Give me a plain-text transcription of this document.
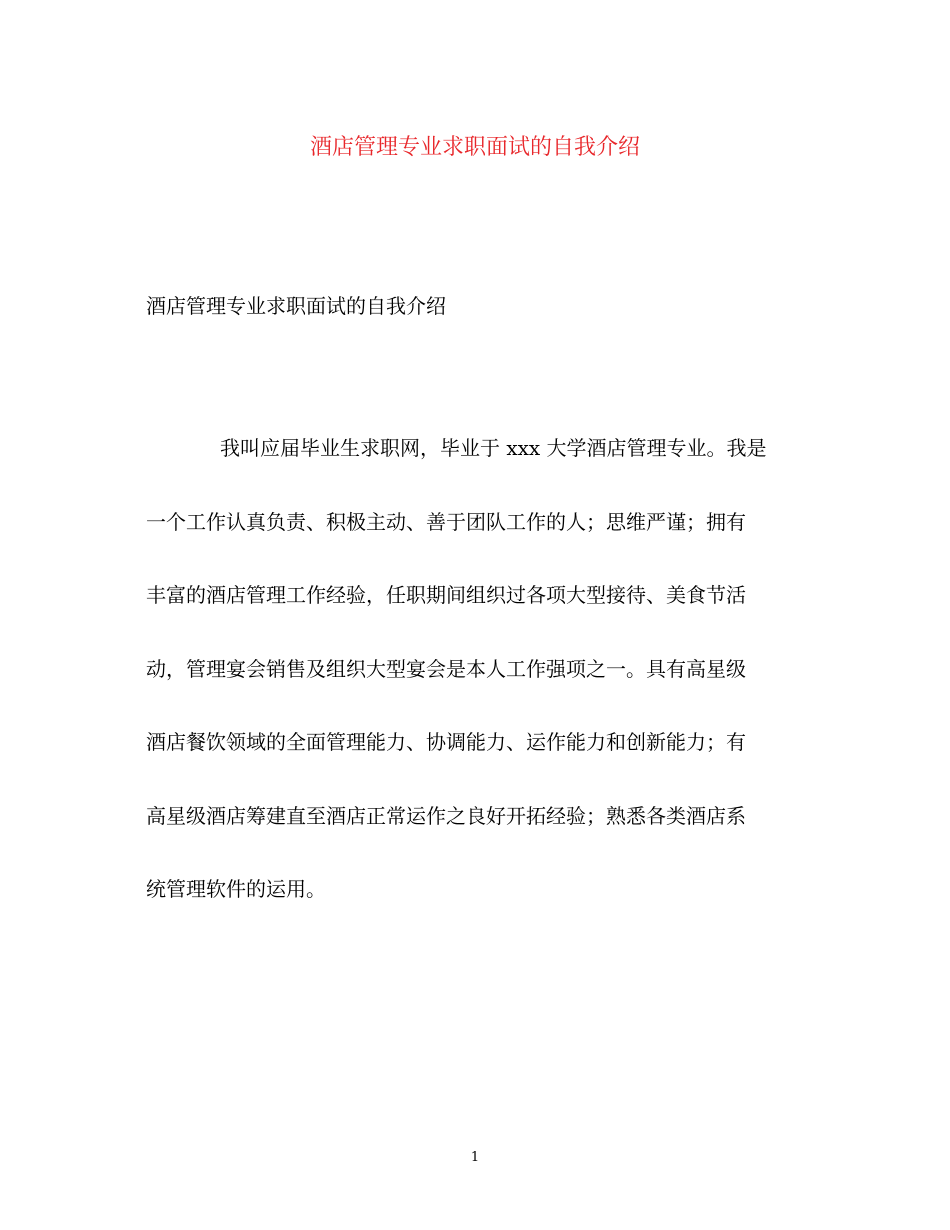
酒店管理专业求职面试的自我介绍

酒店管理专业求职面试的自我介绍

我叫应届毕业生求职网，毕业于 xxx 大学酒店管理专业。我是
一个工作认真负责、积极主动、善于团队工作的人；思维严谨；拥有
丰富的酒店管理工作经验，任职期间组织过各项大型接待、美食节活
动，管理宴会销售及组织大型宴会是本人工作强项之一。具有高星级
酒店餐饮领域的全面管理能力、协调能力、运作能力和创新能力；有
高星级酒店筹建直至酒店正常运作之良好开拓经验；熟悉各类酒店系
统管理软件的运用。
1
